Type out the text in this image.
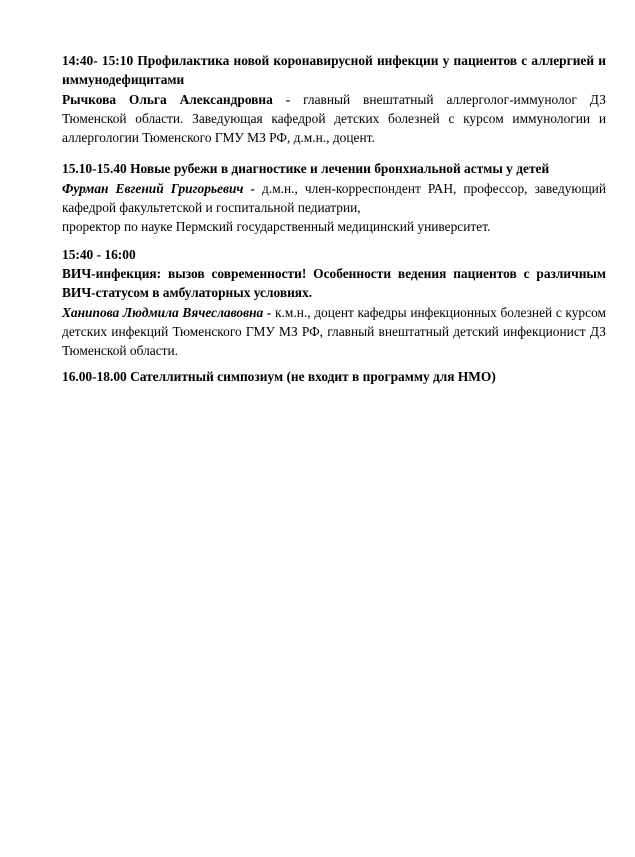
14:40- 15:10 Профилактика новой коронавирусной инфекции у пациентов с аллергией и иммунодефицитами
Рычкова Ольга Александровна - главный внештатный аллерголог-иммунолог ДЗ Тюменской области. Заведующая кафедрой детских болезней с курсом иммунологии и аллергологии Тюменского ГМУ МЗ РФ, д.м.н., доцент.
15.10-15.40 Новые рубежи в диагностике и лечении бронхиальной астмы у детей
Фурман Евгений Григорьевич - д.м.н., член-корреспондент РАН, профессор, заведующий кафедрой факультетской и госпитальной педиатрии,
проректор по науке Пермский государственный медицинский университет.
15:40 - 16:00
ВИЧ-инфекция: вызов современности! Особенности ведения пациентов с различным ВИЧ-статусом в амбулаторных условиях.
Ханипова Людмила Вячеславовна - к.м.н., доцент кафедры инфекционных болезней с курсом детских инфекций Тюменского ГМУ МЗ РФ, главный внештатный детский инфекционист ДЗ Тюменской области.
16.00-18.00 Сателлитный симпозиум (не входит в программу для НМО)
